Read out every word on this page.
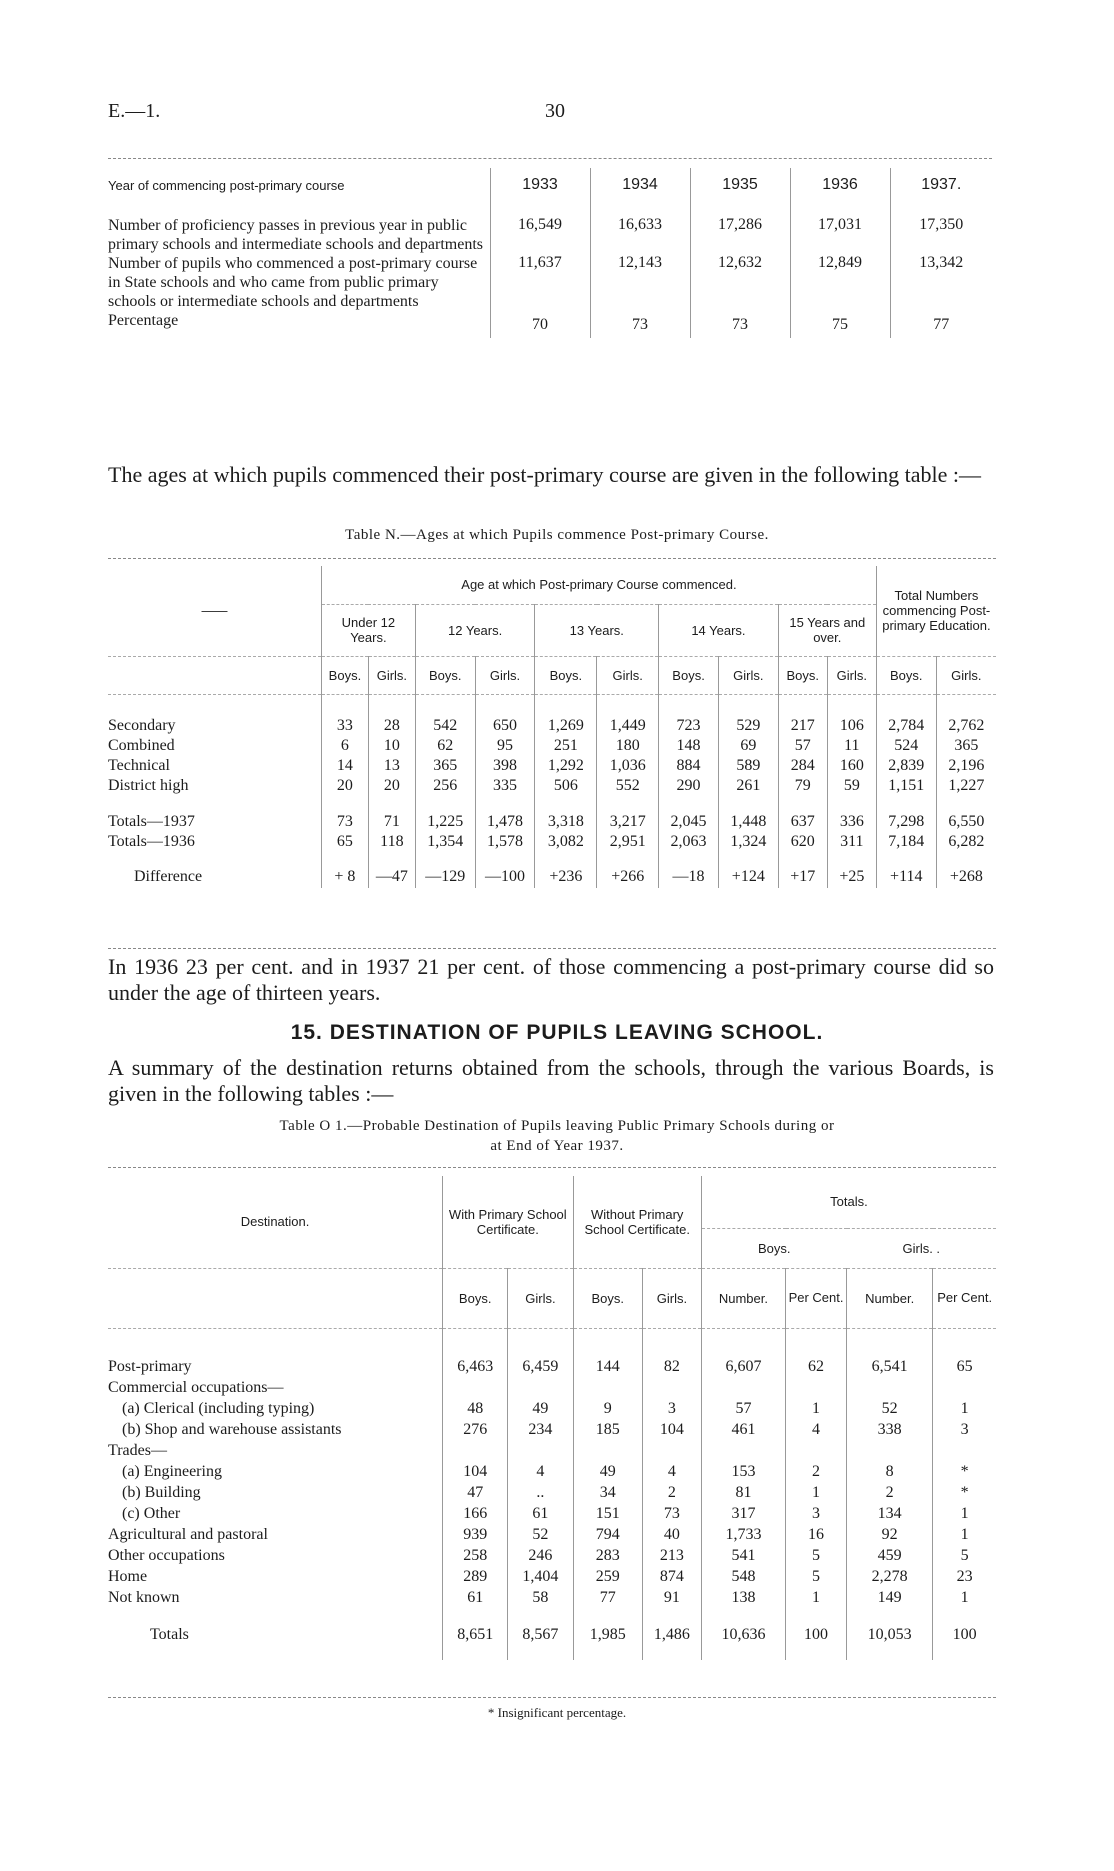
E.—1.	30
Year of commencing post-primary course	1933	1934	1935	1936	1937.
Number of proficiency passes in previous year in public primary schools and intermediate schools and departments	16,549	16,633	17,286	17,031	17,350
Number of pupils who commenced a post-primary course in State schools and who came from public primary schools or intermediate schools and departments	11,637	12,143	12,632	12,849	13,342
Percentage	70	73	73	75	77
The ages at which pupils commenced their post-primary course are given in the following table :—
Table N.—Ages at which Pupils commence Post-primary Course.
——	Age at which Post-primary Course commenced.										Total Numbers commencing Post-primary Education.	
	Under 12 Years.		12 Years.		13 Years.		14 Years.		15 Years and over.			
	Boys.	Girls.	Boys.	Girls.	Boys.	Girls.	Boys.	Girls.	Boys.	Girls.	Boys.	Girls.

Secondary	33	28	542	650	1,269	1,449	723	529	217	106	2,784	2,762
Combined	6	10	62	95	251	180	148	69	57	11	524	365
Technical	14	13	365	398	1,292	1,036	884	589	284	160	2,839	2,196
District high	20	20	256	335	506	552	290	261	79	59	1,151	1,227

Totals—1937	73	71	1,225	1,478	3,318	3,217	2,045	1,448	637	336	7,298	6,550
Totals—1936	65	118	1,354	1,578	3,082	2,951	2,063	1,324	620	311	7,184	6,282

Difference	+ 8	—47	—129	—100	+236	+266	—18	+124	+17	+25	+114	+268
In 1936 23 per cent. and in 1937 21 per cent. of those commencing a post-primary course did so under the age of thirteen years.
15. DESTINATION OF PUPILS LEAVING SCHOOL.
A summary of the destination returns obtained from the schools, through the various Boards, is given in the following tables :—
Table O 1.—Probable Destination of Pupils leaving Public Primary Schools during or
at End of Year 1937.
Destination.	With Primary School Certificate.		Without Primary School Certificate.		Totals.			
					Boys.		Girls. .	
	Boys.	Girls.	Boys.	Girls.	Number.	Per Cent.	Number.	Per Cent.

Post-primary	6,463	6,459	144	82	6,607	62	6,541	65
Commercial occupations—								
(a) Clerical (including typing)	48	49	9	3	57	1	52	1
(b) Shop and warehouse assistants	276	234	185	104	461	4	338	3
Trades—								
(a) Engineering	104	4	49	4	153	2	8	*
(b) Building	47	..	34	2	81	1	2	*
(c) Other	166	61	151	73	317	3	134	1
Agricultural and pastoral	939	52	794	40	1,733	16	92	1
Other occupations	258	246	283	213	541	5	459	5
Home	289	1,404	259	874	548	5	2,278	23
Not known	61	58	77	91	138	1	149	1

Totals	8,651	8,567	1,985	1,486	10,636	100	10,053	100

* Insignificant percentage.
